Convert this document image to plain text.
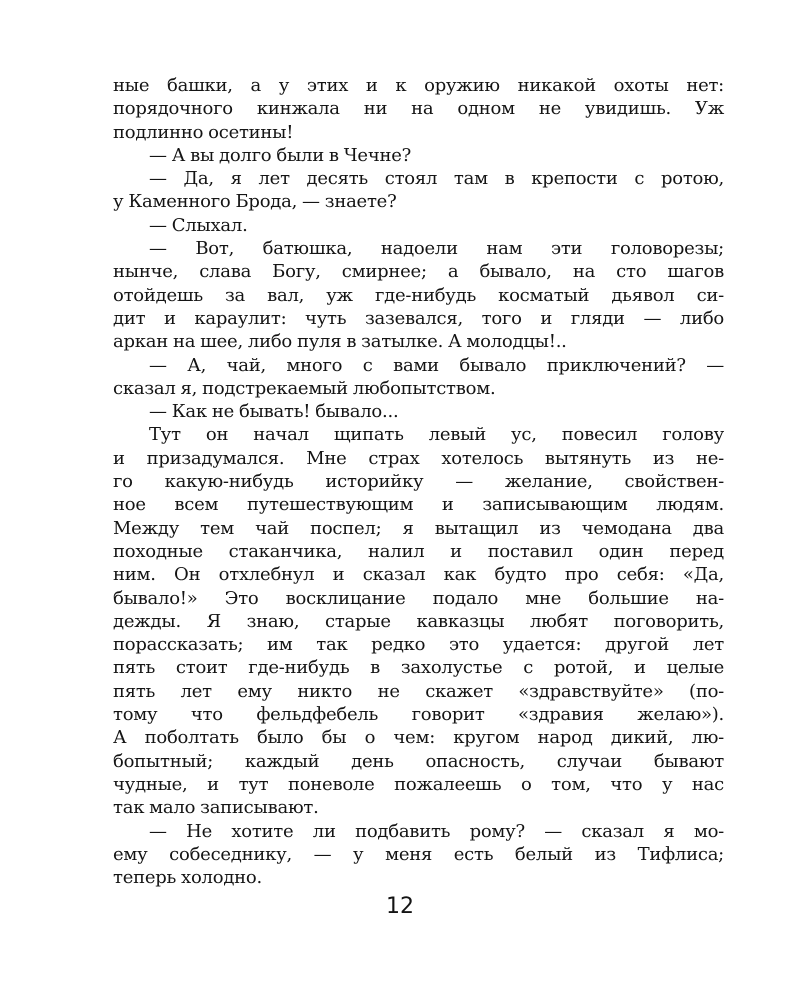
ные башки, а у этих и к оружию никакой охоты нет:
порядочного кинжала ни на одном не увидишь. Уж
подлинно осетины!
— А вы долго были в Чечне?
— Да, я лет десять стоял там в крепости с ротою,
у Каменного Брода, — знаете?
— Слыхал.
— Вот, батюшка, надоели нам эти головорезы;
нынче, слава Богу, смирнее; а бывало, на сто шагов
отойдешь за вал, уж где-нибудь косматый дьявол си-
дит и караулит: чуть зазевался, того и гляди — либо
аркан на шее, либо пуля в затылке. А молодцы!..
— А, чай, много с вами бывало приключений? —
сказал я, подстрекаемый любопытством.
— Как не бывать! бывало...
Тут он начал щипать левый ус, повесил голову
и призадумался. Мне страх хотелось вытянуть из не-
го какую-нибудь историйку — желание, свойствен-
ное всем путешествующим и записывающим людям.
Между тем чай поспел; я вытащил из чемодана два
походные стаканчика, налил и поставил один перед
ним. Он отхлебнул и сказал как будто про себя: «Да,
бывало!» Это восклицание подало мне большие на-
дежды. Я знаю, старые кавказцы любят поговорить,
порассказать; им так редко это удается: другой лет
пять стоит где-нибудь в захолустье с ротой, и целые
пять лет ему никто не скажет «здравствуйте» (по-
тому что фельдфебель говорит «здравия желаю»).
А поболтать было бы о чем: кругом народ дикий, лю-
бопытный; каждый день опасность, случаи бывают
чудные, и тут поневоле пожалеешь о том, что у нас
так мало записывают.
— Не хотите ли подбавить рому? — сказал я мо-
ему собеседнику, — у меня есть белый из Тифлиса;
теперь холодно.
12
